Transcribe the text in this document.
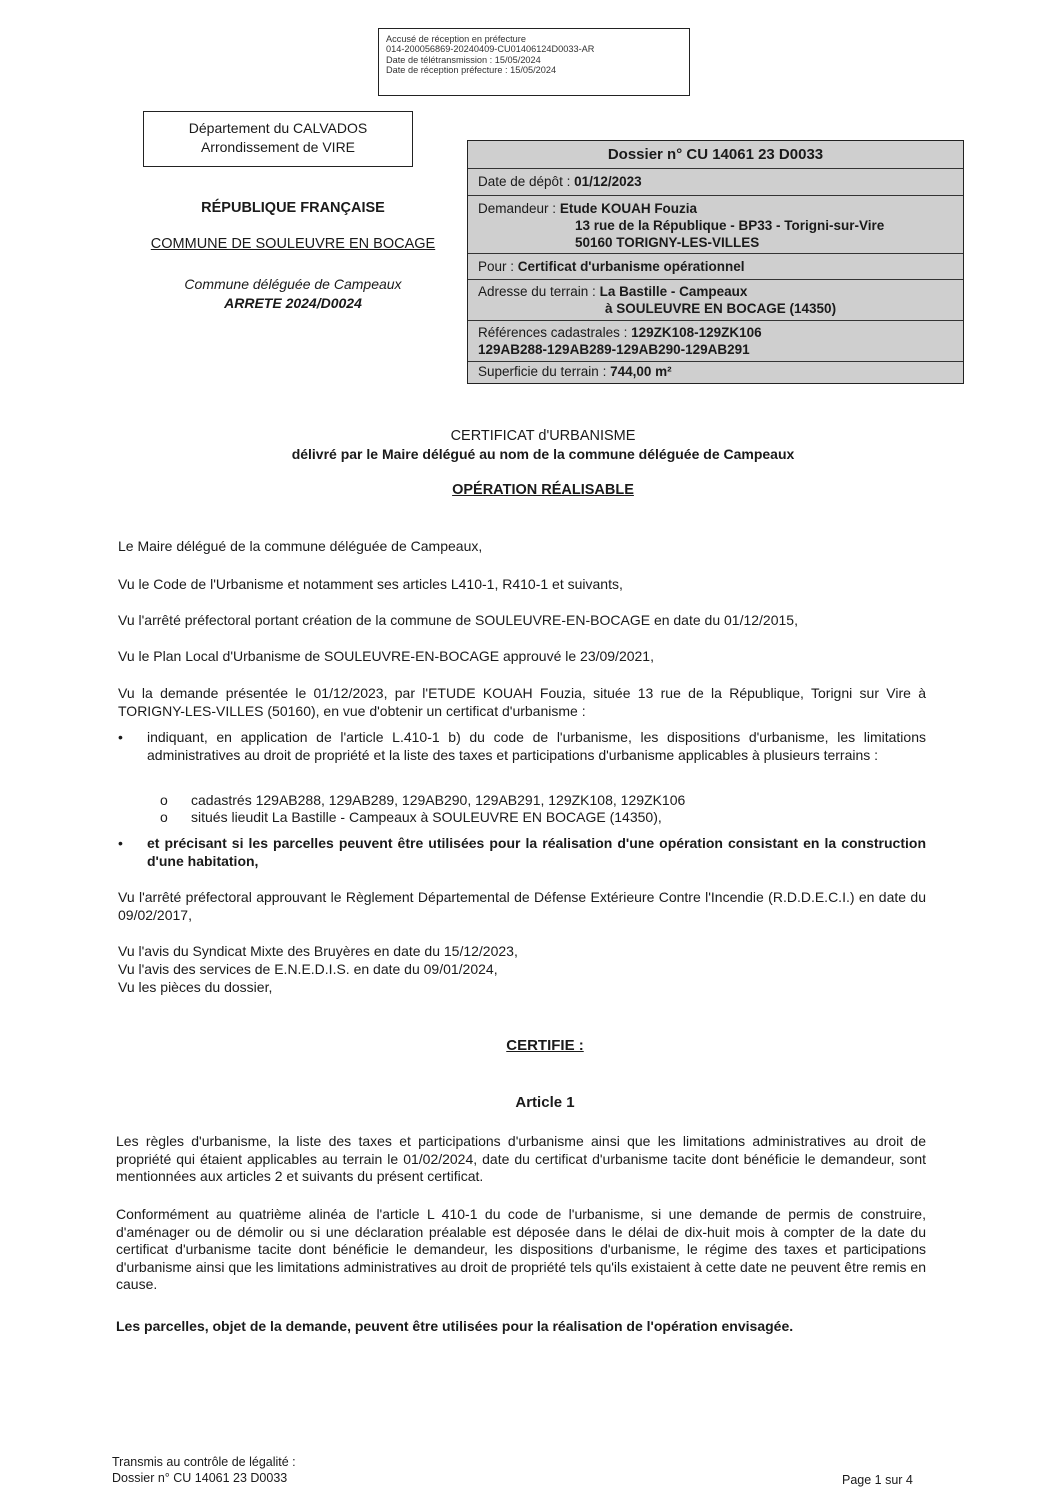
Accusé de réception en préfecture
014-200056869-20240409-CU01406124D0033-AR
Date de télétransmission : 15/05/2024
Date de réception préfecture : 15/05/2024
Département du CALVADOS
Arrondissement de VIRE
RÉPUBLIQUE FRANÇAISE
COMMUNE DE SOULEUVRE EN BOCAGE
Commune déléguée de Campeaux
ARRETE 2024/D0024
Dossier n° CU 14061 23 D0033
Date de dépôt : 01/12/2023
Demandeur : Etude KOUAH Fouzia
13 rue de la République - BP33 - Torigni-sur-Vire
50160 TORIGNY-LES-VILLES
Pour : Certificat d'urbanisme opérationnel
Adresse du terrain : La Bastille - Campeaux
à SOULEUVRE EN BOCAGE (14350)
Références cadastrales : 129ZK108-129ZK106
129AB288-129AB289-129AB290-129AB291
Superficie du terrain : 744,00 m²
CERTIFICAT d'URBANISME
délivré par le Maire délégué au nom de la commune déléguée de Campeaux
OPÉRATION RÉALISABLE
Le Maire délégué de la commune déléguée de Campeaux,
Vu le Code de l'Urbanisme et notamment ses articles L410-1, R410-1 et suivants,
Vu l'arrêté préfectoral portant création de la commune de SOULEUVRE-EN-BOCAGE en date du 01/12/2015,
Vu le Plan Local d'Urbanisme de SOULEUVRE-EN-BOCAGE approuvé le 23/09/2021,
Vu la demande présentée le 01/12/2023, par l'ETUDE KOUAH Fouzia, située 13 rue de la République, Torigni sur Vire à TORIGNY-LES-VILLES (50160), en vue d'obtenir un certificat d'urbanisme :
• indiquant, en application de l'article L.410-1 b) du code de l'urbanisme, les dispositions d'urbanisme, les limitations administratives au droit de propriété et la liste des taxes et participations d'urbanisme applicables à plusieurs terrains :
o cadastrés 129AB288, 129AB289, 129AB290, 129AB291, 129ZK108, 129ZK106
o situés lieudit La Bastille - Campeaux à SOULEUVRE EN BOCAGE (14350),
• et précisant si les parcelles peuvent être utilisées pour la réalisation d'une opération consistant en la construction d'une habitation,
Vu l'arrêté préfectoral approuvant le Règlement Départemental de Défense Extérieure Contre l'Incendie (R.D.D.E.C.I.) en date du 09/02/2017,
Vu l'avis du Syndicat Mixte des Bruyères en date du 15/12/2023,
Vu l'avis des services de E.N.E.D.I.S. en date du 09/01/2024,
Vu les pièces du dossier,
CERTIFIE :
Article 1
Les règles d'urbanisme, la liste des taxes et participations d'urbanisme ainsi que les limitations administratives au droit de propriété qui étaient applicables au terrain le 01/02/2024, date du certificat d'urbanisme tacite dont bénéficie le demandeur, sont mentionnées aux articles 2 et suivants du présent certificat.
Conformément au quatrième alinéa de l'article L 410-1 du code de l'urbanisme, si une demande de permis de construire, d'aménager ou de démolir ou si une déclaration préalable est déposée dans le délai de dix-huit mois à compter de la date du certificat d'urbanisme tacite dont bénéficie le demandeur, les dispositions d'urbanisme, le régime des taxes et participations d'urbanisme ainsi que les limitations administratives au droit de propriété tels qu'ils existaient à cette date ne peuvent être remis en cause.
Les parcelles, objet de la demande, peuvent être utilisées pour la réalisation de l'opération envisagée.
Transmis au contrôle de légalité :
Dossier n° CU 14061 23 D0033	Page 1 sur 4
